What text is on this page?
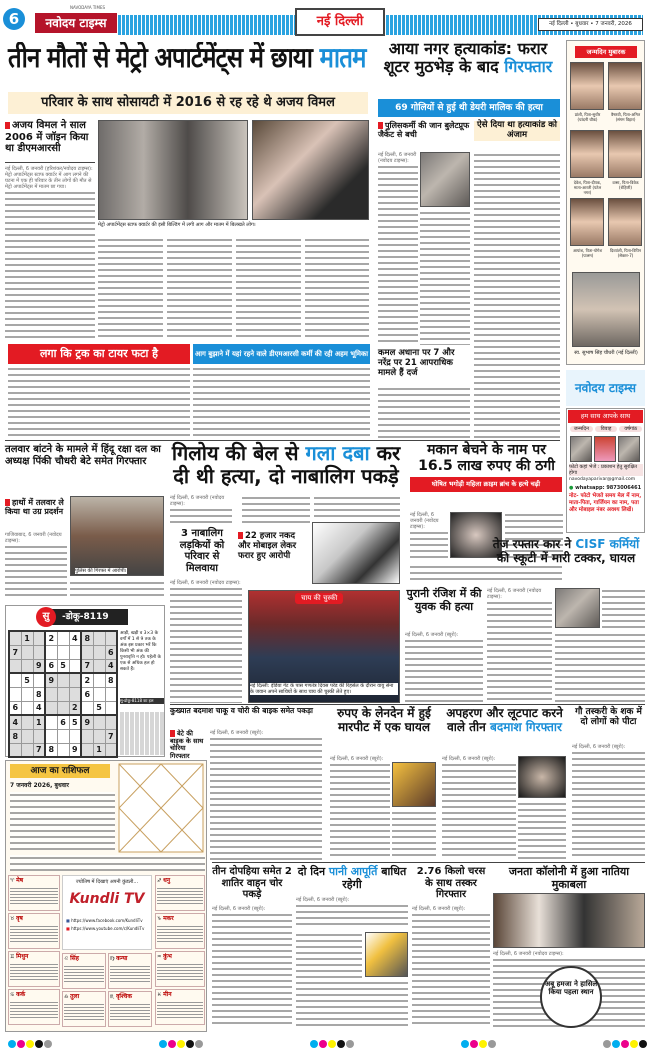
6
NAVODAYA TIMES
नवोदय टाइम्स	नई दिल्ली	नई दिल्ली • बुधवार • 7 जनवरी, 2026
तीन मौतों से मेट्रो अपार्टमेंट्स में छाया मातम
परिवार के साथ सोसायटी में 2016 से रह रहे थे अजय विमल
अजय विमल ने साल 2006 में जॉइन किया था डीएमआरसी
नई दिल्ली, 6 जनवरी (हरिशंकर/नवोदय टाइम्स): मेट्रो अपार्टमेंट्स स्टाफ क्वार्टर में आग लगने की घटना में एक ही परिवार के तीन लोगों की मौत से मेट्रो अपार्टमेंट्स में मातम छा गया।
मेट्रो अपार्टमेंट्स स्टाफ क्वार्टर की इसी बिल्डिंग में लगी आग और मातम में बिलखते लोग।
लगा कि ट्रक का टायर फटा है	आग बुझाने में यहां रहने वाले डीएमआरसी कर्मी की रही अहम भूमिका
आया नगर हत्याकांड: फरार शूटर मुठभेड़ के बाद गिरफ्तार
69 गोलियों से हुई थी डेयरी मालिक की हत्या
पुलिसकर्मी की जान बुलेटप्रूफ जैकेट से बची
नई दिल्ली, 6 जनवरी (नवोदय टाइम्स):
ऐसे दिया था हत्याकांड को अंजाम
कमल अधाना पर 7 और नरेंद्र पर 21 आपराधिक मामले हैं दर्ज
जन्मदिन मुबारक
प्रांशी, पिता-सुधीर (चांदनी चौक)
वैष्णवी, पिता-अमित (संगम विहार)
देवेश, पिता-दीपक, माता-आरती (पटेल नगर)
वत्सा, पिता-विवेक (रोहिणी)
आयांश, पिता-योगेश (पालम)
दिव्यांशी, पिता-विपिन (सेक्टर-7)
स्व. सुभाष सिंह चौधरी (नई दिल्ली)
नवोदय टाइम्स
हम साथ आपके साथ
जन्मदिन	विवाह	वर्षगांठ
फोटो कहां भेजें : प्रकाशन हेतु सुरक्षित होगा
navodayaparivar@gmail.com
● whatsapp: 9873006461
नोट- फोटो भेजते समय मेल में नाम, माता-पिता, गार्जियन का नाम, पता और मोबाइल नंबर अवश्य लिखें।
तलवार बांटने के मामले में हिंदू रक्षा दल का अध्यक्ष पिंकी चौधरी बेटे समेत गिरफ्तार
हाथों में तलवार ले किया था उग्र प्रदर्शन
पुलिस की गिरफ्त में आरोपी।
गाजियाबाद, 6 जनवरी (नवोदय टाइम्स):
गिलोय की बेल से गला दबा कर दी थी हत्या, दो नाबालिग पकड़े
नई दिल्ली, 6 जनवरी (नवोदय टाइम्स):
22 हजार नकद और मोबाइल लेकर फरार हुए आरोपी
मकान बेचने के नाम पर 16.5 लाख रुपए की ठगी
घोषित भगोड़ी महिला क्राइम ब्रांच के हत्थे चढ़ी
नई दिल्ली, 6 जनवरी (नवोदय टाइम्स):
3 नाबालिग लड़कियों को परिवार से मिलवाया
नई दिल्ली, 6 जनवरी (नवोदय टाइम्स):
चाय की चुस्की
नई दिल्ली: इंडिया गेट के पास गणतंत्र दिवस परेड की रिहर्सल के दौरान वायु सेना के जवान अपने साथियों के साथ चाय की चुस्की लेते हुए।
पुरानी रंजिश में की युवक की हत्या
नई दिल्ली, 6 जनवरी (ब्यूरो):
तेज रफ्तार कार ने CISF कर्मियों की स्कूटी में मारी टक्कर, घायल
नई दिल्ली, 6 जनवरी (नवोदय टाइम्स):
-डोकू-8119
सु
	1		2		4	8		
7								6
		9	6	5		7		4
	5		9			2		8
		8				6		
6		4			2		5	
4		1		6	5	9		
8								7
		7	8		9		1	
आड़ी, खड़ी व 3×3 के वर्गों में 1 से 9 तक के अंक इस प्रकार भरें कि किसी भी अंक की पुनरावृत्ति न हो। पहेली के एक से अधिक हल हो सकते हैं।
सु-डोकू-8118 का हल
कुख्यात बदमाश चाकू व चोरी की बाइक समेत पकड़ा
बेटे की बाइक के साथ चोरिया गिरफ्तार
नई दिल्ली, 6 जनवरी (ब्यूरो):
रुपए के लेनदेन में हुई मारपीट में एक घायल
नई दिल्ली, 6 जनवरी (ब्यूरो):
अपहरण और लूटपाट करने वाले तीन बदमाश गिरफ्तार
नई दिल्ली, 6 जनवरी (ब्यूरो):
गौ तस्करी के शक में दो लोगों को पीटा
नई दिल्ली, 6 जनवरी (ब्यूरो):
आज का राशिफल
7 जनवरी 2026, बुधवार
♈︎ मेष
♉︎ वृष
♊︎ मिथुन
♋︎ कर्क
♌︎ सिंह	♍︎ कन्या
♎︎ तुला	♏︎ वृश्चिक
♐︎ धनु
♑︎ मकर
♒︎ कुंभ
♓︎ मीन
ज्योतिष में दिखाएं अपनी कुंडली...
Kundli TV
■ https://www.facebook.com/KundliTv
■ https://www.youtube.com/c/KundliTv
तीन दोपहिया समेत 2 शातिर वाहन चोर पकड़े
नई दिल्ली, 6 जनवरी (ब्यूरो):
दो दिन पानी आपूर्ति बाधित रहेगी
नई दिल्ली, 6 जनवरी (ब्यूरो):
2.76 किलो चरस के साथ तस्कर गिरफ्तार
नई दिल्ली, 6 जनवरी (ब्यूरो):
जनता कॉलोनी में हुआ नातिया मुकाबला
नई दिल्ली, 6 जनवरी (नवोदय टाइम्स):
अबू हमजा ने हासिल किया पहला स्थान
